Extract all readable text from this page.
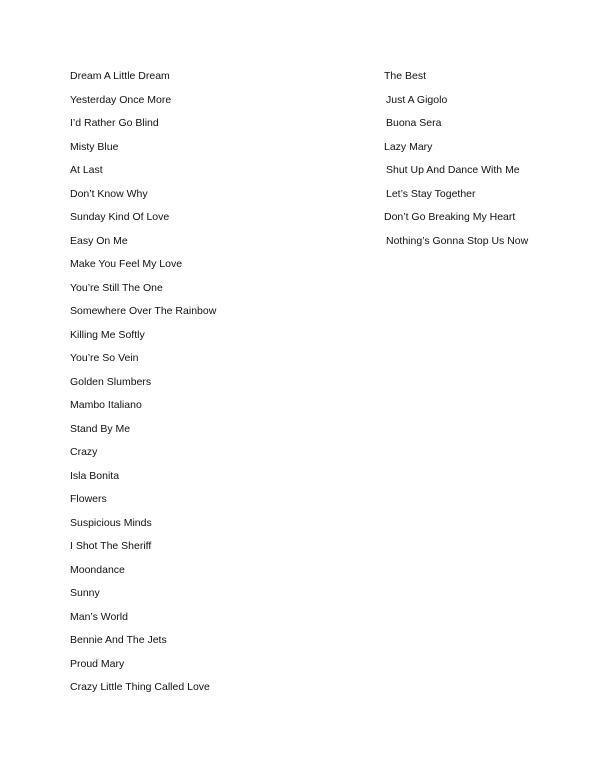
Dream A Little Dream
Yesterday Once More
I’d Rather Go Blind
Misty Blue
At Last
Don’t Know Why
Sunday Kind Of Love
Easy On Me
Make You Feel My Love
You’re Still The One
Somewhere Over The Rainbow
Killing Me Softly
You’re So Vein
Golden Slumbers
Mambo Italiano
Stand By Me
Crazy
Isla Bonita
Flowers
Suspicious Minds
I Shot The Sheriff
Moondance
Sunny
Man’s World
Bennie And The Jets
Proud Mary
Crazy Little Thing Called Love
The Best
Just A Gigolo
Buona Sera
Lazy Mary
Shut Up And Dance With Me
Let’s Stay Together
Don’t Go Breaking My Heart
Nothing’s Gonna Stop Us Now
